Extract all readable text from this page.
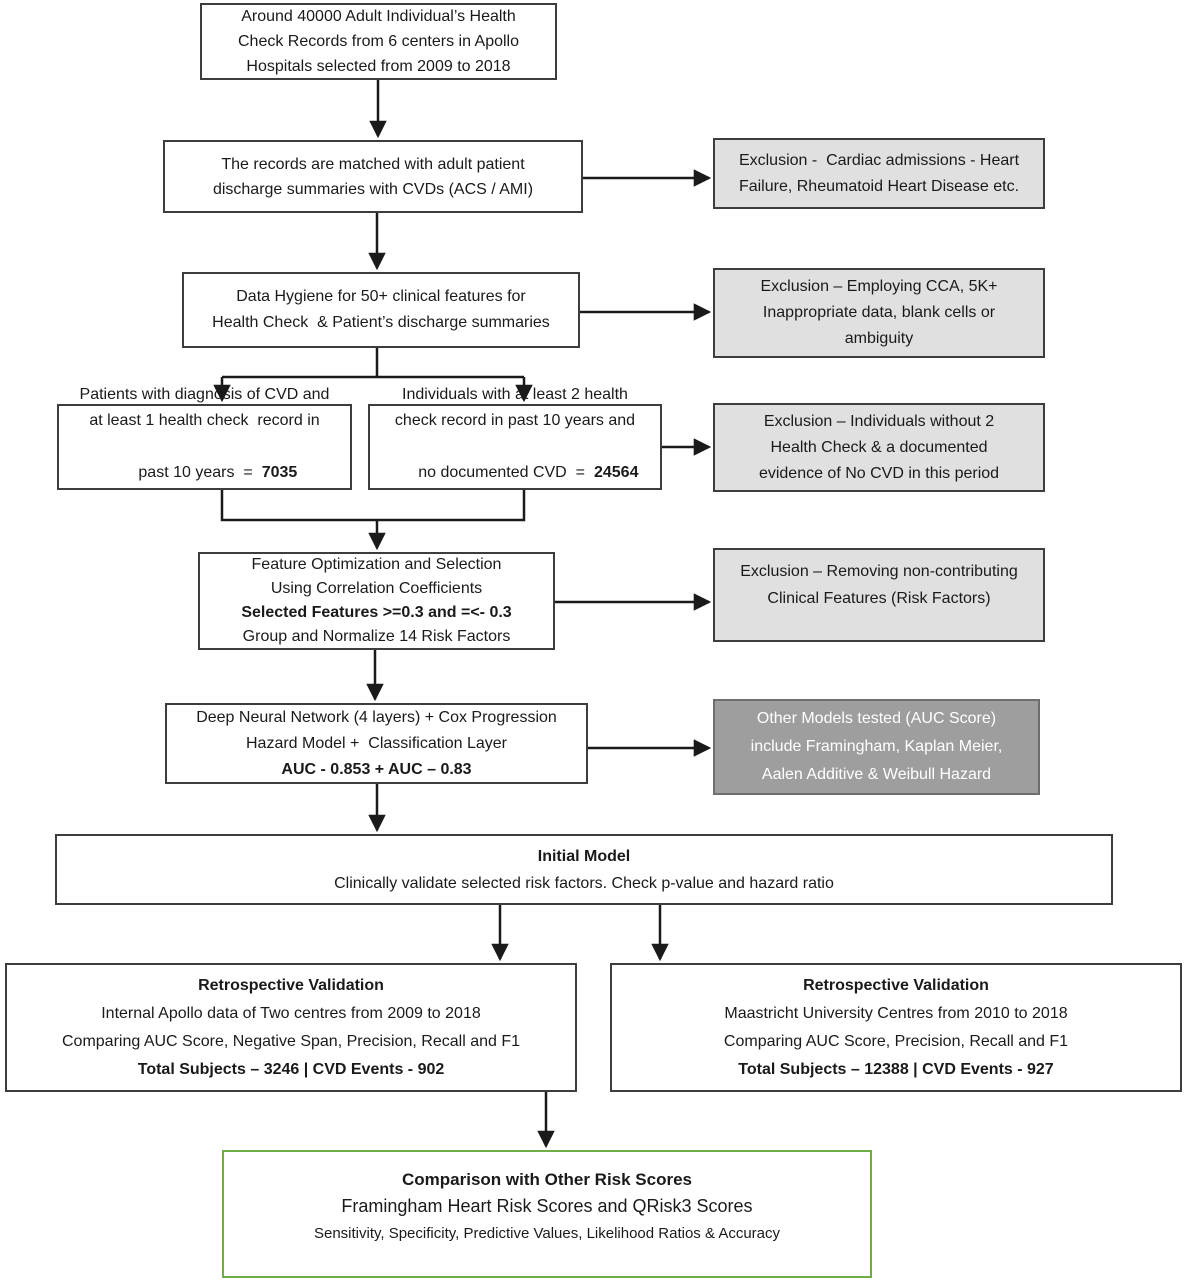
Around 40000 Adult Individual’s Health
Check Records from 6 centers in Apollo
Hospitals selected from 2009 to 2018
The records are matched with adult patient
discharge summaries with CVDs (ACS / AMI)
Exclusion -  Cardiac admissions - Heart
Failure, Rheumatoid Heart Disease etc.
Data Hygiene for 50+ clinical features for
Health Check  & Patient’s discharge summaries
Exclusion – Employing CCA, 5K+
Inappropriate data, blank cells or
ambiguity
Patients with diagnosis of CVD and
at least 1 health check  record in

past 10 years  = 7035

Individuals with at least 2 health
check record in past 10 years and

no documented CVD  = 24564

Exclusion – Individuals without 2
Health Check & a documented
evidence of No CVD in this period
Feature Optimization and Selection
Using Correlation Coefficients
Selected Features >=0.3 and =<- 0.3
Group and Normalize 14 Risk Factors
Exclusion – Removing non-contributing
Clinical Features (Risk Factors)
Deep Neural Network (4 layers) + Cox Progression
Hazard Model +  Classification Layer
AUC - 0.853 + AUC – 0.83
Other Models tested (AUC Score)
include Framingham, Kaplan Meier,
Aalen Additive & Weibull Hazard
Initial Model
Clinically validate selected risk factors. Check p-value and hazard ratio
Retrospective Validation
Internal Apollo data of Two centres from 2009 to 2018
Comparing AUC Score, Negative Span, Precision, Recall and F1
Total Subjects – 3246 | CVD Events - 902
Retrospective Validation
Maastricht University Centres from 2010 to 2018
Comparing AUC Score, Precision, Recall and F1
Total Subjects – 12388 | CVD Events - 927
Comparison with Other Risk Scores
Framingham Heart Risk Scores and QRisk3 Scores
Sensitivity, Specificity, Predictive Values, Likelihood Ratios & Accuracy
